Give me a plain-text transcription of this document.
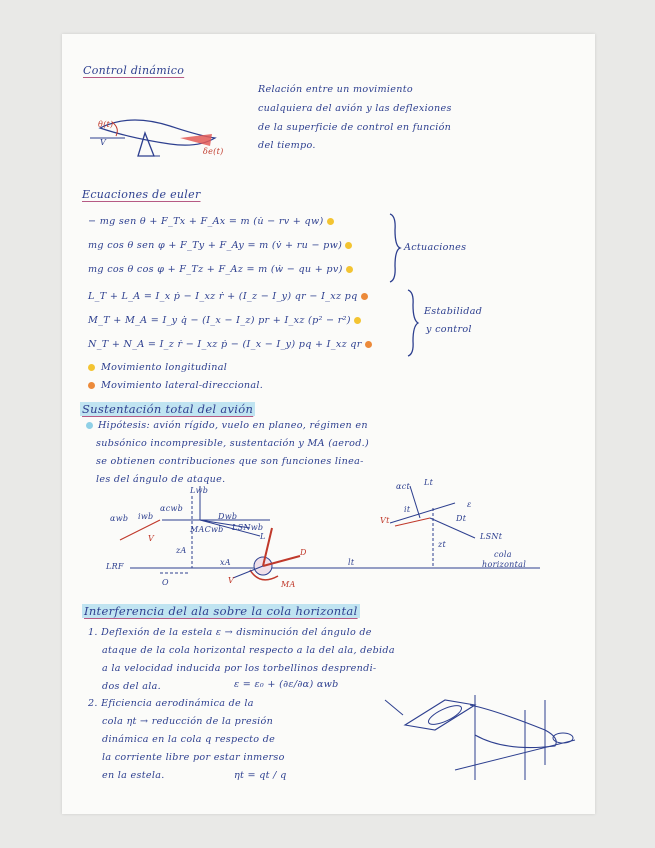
Control dinámico
θ(t)
V
δe(t)
Relación entre un movimiento
cualquiera del avión y las deflexiones
de la superficie de control en función
del tiempo.
Ecuaciones de euler
− mg sen θ + F_Tx + F_Ax = m (u̇ − rv + qw)
mg cos θ sen φ + F_Ty + F_Ay = m (v̇ + ru − pw)
mg cos θ cos φ + F_Tz + F_Az = m (ẇ − qu + pv)
Actuaciones
L_T + L_A = I_x ṗ − I_xz ṙ + (I_z − I_y) qr − I_xz pq
M_T + M_A = I_y q̇ − (I_x − I_z) pr + I_xz (p² − r²)
N_T + N_A = I_z ṙ − I_xz ṗ − (I_x − I_y) pq + I_xz qr
Estabilidad
y control
Movimiento longitudinal
Movimiento lateral-direccional.
Sustentación total del avión
Hipótesis: avión rígido, vuelo en planeo, régimen en
subsónico incompresible, sustentación y MA (aerod.)
se obtienen contribuciones que son funciones linea-
les del ángulo de ataque.
Lwb
αwb
αcwb
iwb	Dwb
MACwb LSNwb
V	L
D
MA
zA
xA
V
LRF
O
lt
αct Lt
ε
it
Vt	Dt
zt
LSNt
cola
horizontal
Interferencia del ala sobre la cola horizontal
1. Deflexión de la estela ε → disminución del ángulo de
ataque de la cola horizontal respecto a la del ala, debida
a la velocidad inducida por los torbellinos desprendi-
dos del ala.	ε = ε₀ + (∂ε/∂α) αwb
2. Eficiencia aerodinámica de la
cola ηt → reducción de la presión
dinámica en la cola q respecto de
la corriente libre por estar inmerso
en la estela.	ηt = qt / q
